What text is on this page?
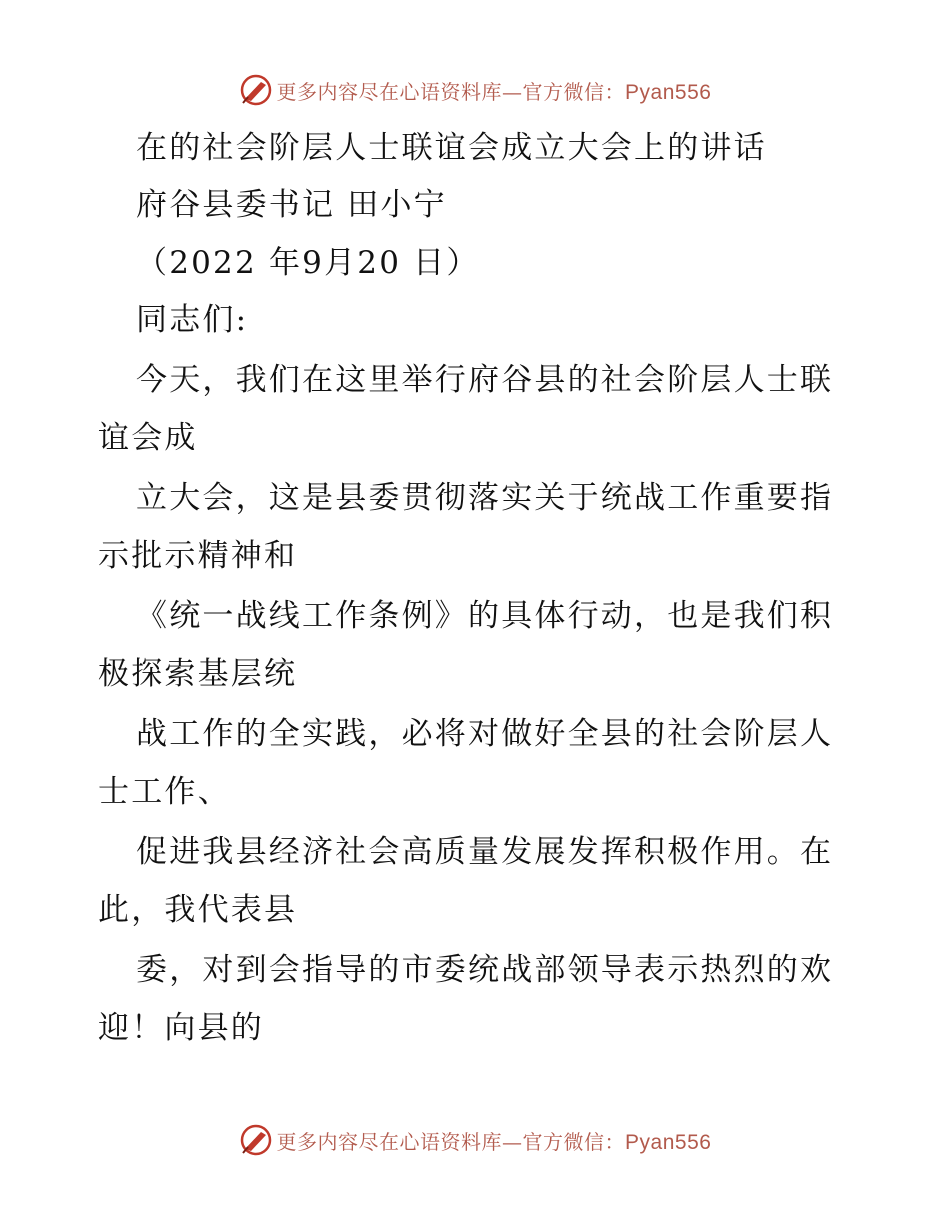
更多内容尽在心语资料库—官方微信：Pyan556
在的社会阶层人士联谊会成立大会上的讲话
府谷县委书记 田小宁
（2022 年9月20 日）
同志们:
今天，我们在这里举行府谷县的社会阶层人士联
谊会成
立大会，这是县委贯彻落实关于统战工作重要指
示批示精神和
《统一战线工作条例》的具体行动，也是我们积
极探索基层统
战工作的全实践，必将对做好全县的社会阶层人
士工作、
促进我县经济社会高质量发展发挥积极作用。在
此，我代表县
委，对到会指导的市委统战部领导表示热烈的欢
迎！向县的
更多内容尽在心语资料库—官方微信：Pyan556
